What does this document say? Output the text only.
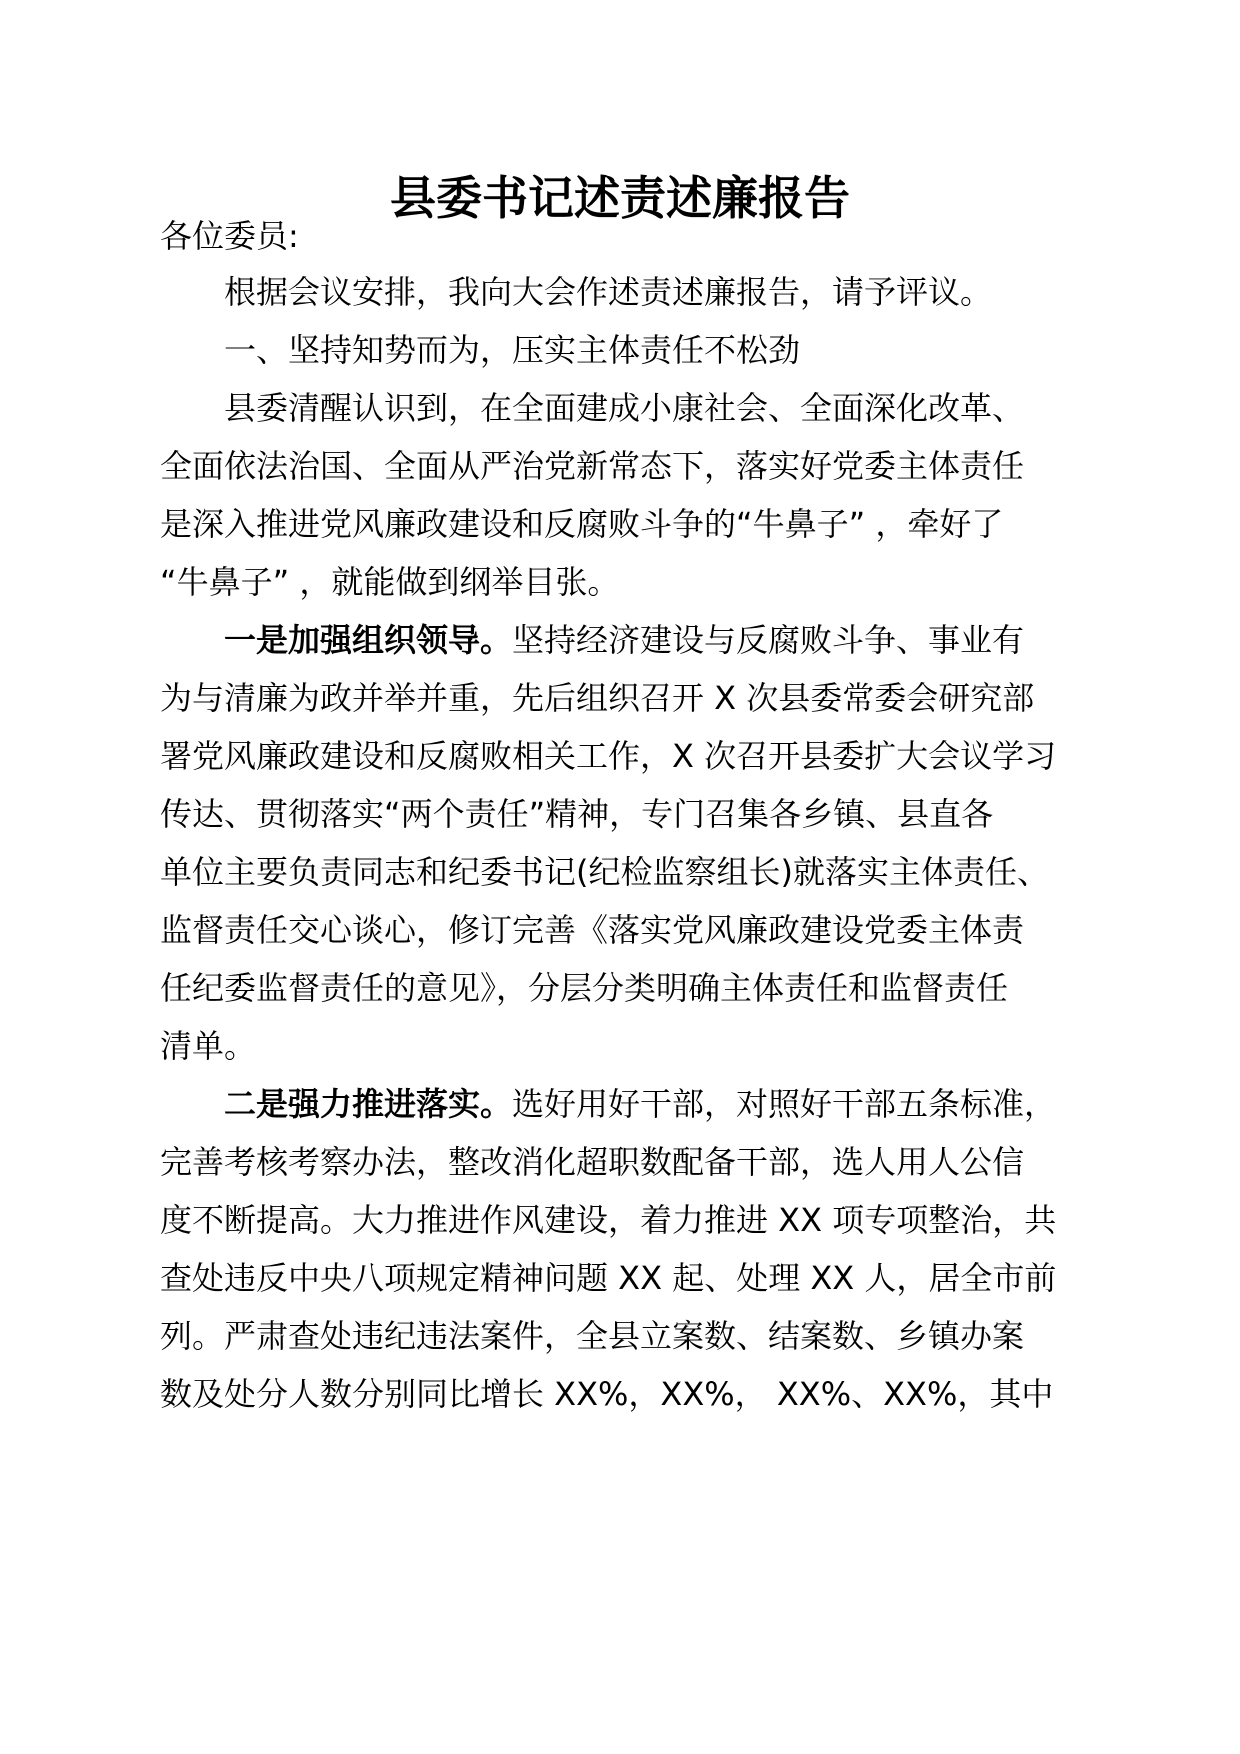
县委书记述责述廉报告

各位委员:

根据会议安排，我向大会作述责述廉报告，请予评议。

一、坚持知势而为，压实主体责任不松劲

县委清醒认识到，在全面建成小康社会、全面深化改革、

全面依法治国、全面从严治党新常态下，落实好党委主体责任

是深入推进党风廉政建设和反腐败斗争的“牛鼻子” ，牵好了

“牛鼻子” ，就能做到纲举目张。

一是加强组织领导。坚持经济建设与反腐败斗争、事业有

为与清廉为政并举并重，先后组织召开 X 次县委常委会研究部

署党风廉政建设和反腐败相关工作，X 次召开县委扩大会议学习

传达、贯彻落实“两个责任”精神，专门召集各乡镇、县直各

单位主要负责同志和纪委书记(纪检监察组长)就落实主体责任、

监督责任交心谈心，修订完善《落实党风廉政建设党委主体责

任纪委监督责任的意见》，分层分类明确主体责任和监督责任

清单。

二是强力推进落实。选好用好干部，对照好干部五条标准，

完善考核考察办法，整改消化超职数配备干部，选人用人公信

度不断提高。大力推进作风建设，着力推进 XX 项专项整治，共

查处违反中央八项规定精神问题 XX 起、处理 XX 人，居全市前

列。严肃查处违纪违法案件，全县立案数、结案数、乡镇办案

数及处分人数分别同比增长 XX%，XX%， XX%、XX%，其中
